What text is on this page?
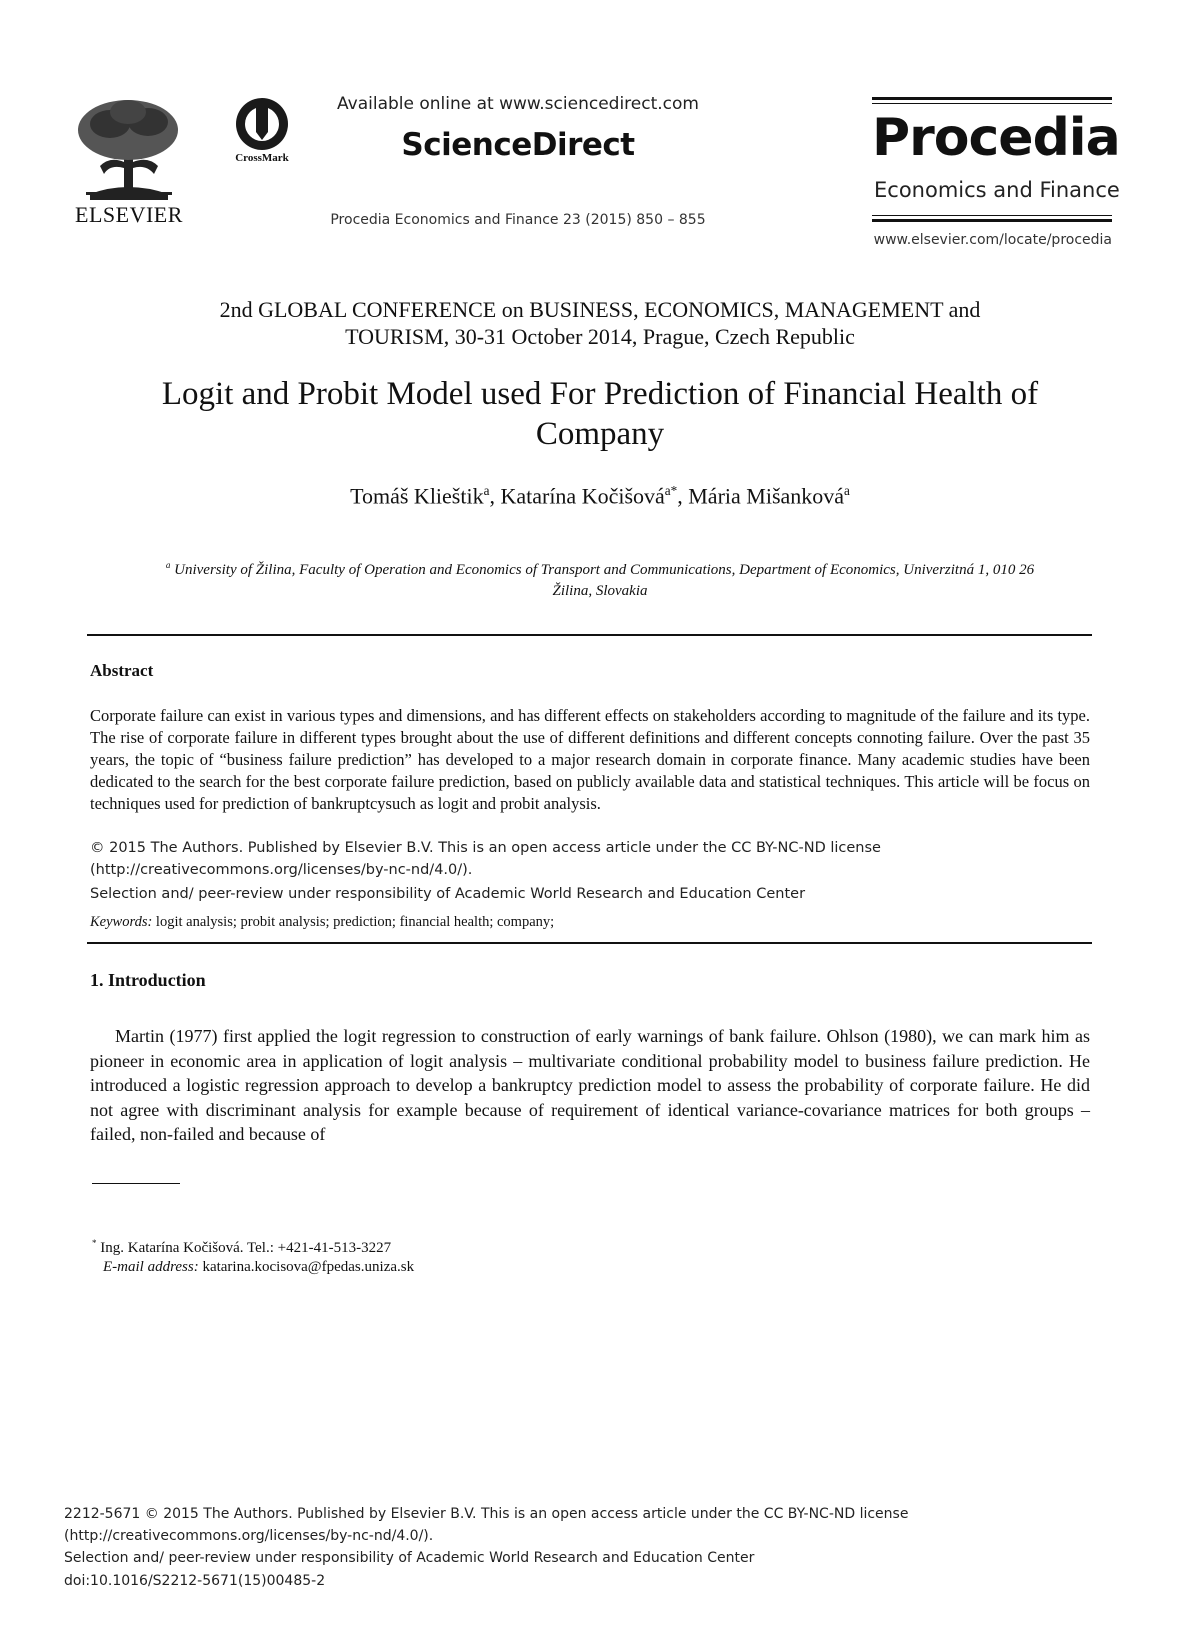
ELSEVIER
CrossMark
Available online at www.sciencedirect.com
ScienceDirect
Procedia Economics and Finance 23 (2015) 850 – 855
Procedia
Economics and Finance
www.elsevier.com/locate/procedia
2nd GLOBAL CONFERENCE on BUSINESS, ECONOMICS, MANAGEMENT and
TOURISM, 30-31 October 2014, Prague, Czech Republic
Logit and Probit Model used For Prediction of Financial Health of
Company
Tomáš Klieštik$^a$, Katarína Kočišová$^{a*}$, Mária Mišanková$^a$
$^a$ University of Žilina, Faculty of Operation and Economics of Transport and Communications, Department of Economics, Univerzitná 1, 010 26
Žilina, Slovakia
Abstract
Corporate failure can exist in various types and dimensions, and has different effects on stakeholders according to magnitude of the failure and its type. The rise of corporate failure in different types brought about the use of different definitions and different concepts connoting failure. Over the past 35 years, the topic of “business failure prediction” has developed to a major research domain in corporate finance. Many academic studies have been dedicated to the search for the best corporate failure prediction, based on publicly available data and statistical techniques. This article will be focus on techniques used for prediction of bankruptcysuch as logit and probit analysis.
© 2015 The Authors. Published by Elsevier B.V. This is an open access article under the CC BY-NC-ND license
(http://creativecommons.org/licenses/by-nc-nd/4.0/).
Selection and/ peer-review under responsibility of Academic World Research and Education Center
Keywords: logit analysis; probit analysis; prediction; financial health; company;
1. Introduction
Martin (1977) first applied the logit regression to construction of early warnings of bank failure. Ohlson (1980), we can mark him as pioneer in economic area in application of logit analysis – multivariate conditional probability model to business failure prediction. He introduced a logistic regression approach to develop a bankruptcy prediction model to assess the probability of corporate failure. He did not agree with discriminant analysis for example because of requirement of identical variance-covariance matrices for both groups – failed, non-failed and because of
* Ing. Katarína Kočišová. Tel.: +421-41-513-3227
E-mail address: katarina.kocisova@fpedas.uniza.sk
2212-5671 © 2015 The Authors. Published by Elsevier B.V. This is an open access article under the CC BY-NC-ND license
(http://creativecommons.org/licenses/by-nc-nd/4.0/).
Selection and/ peer-review under responsibility of Academic World Research and Education Center
doi:10.1016/S2212-5671(15)00485-2
